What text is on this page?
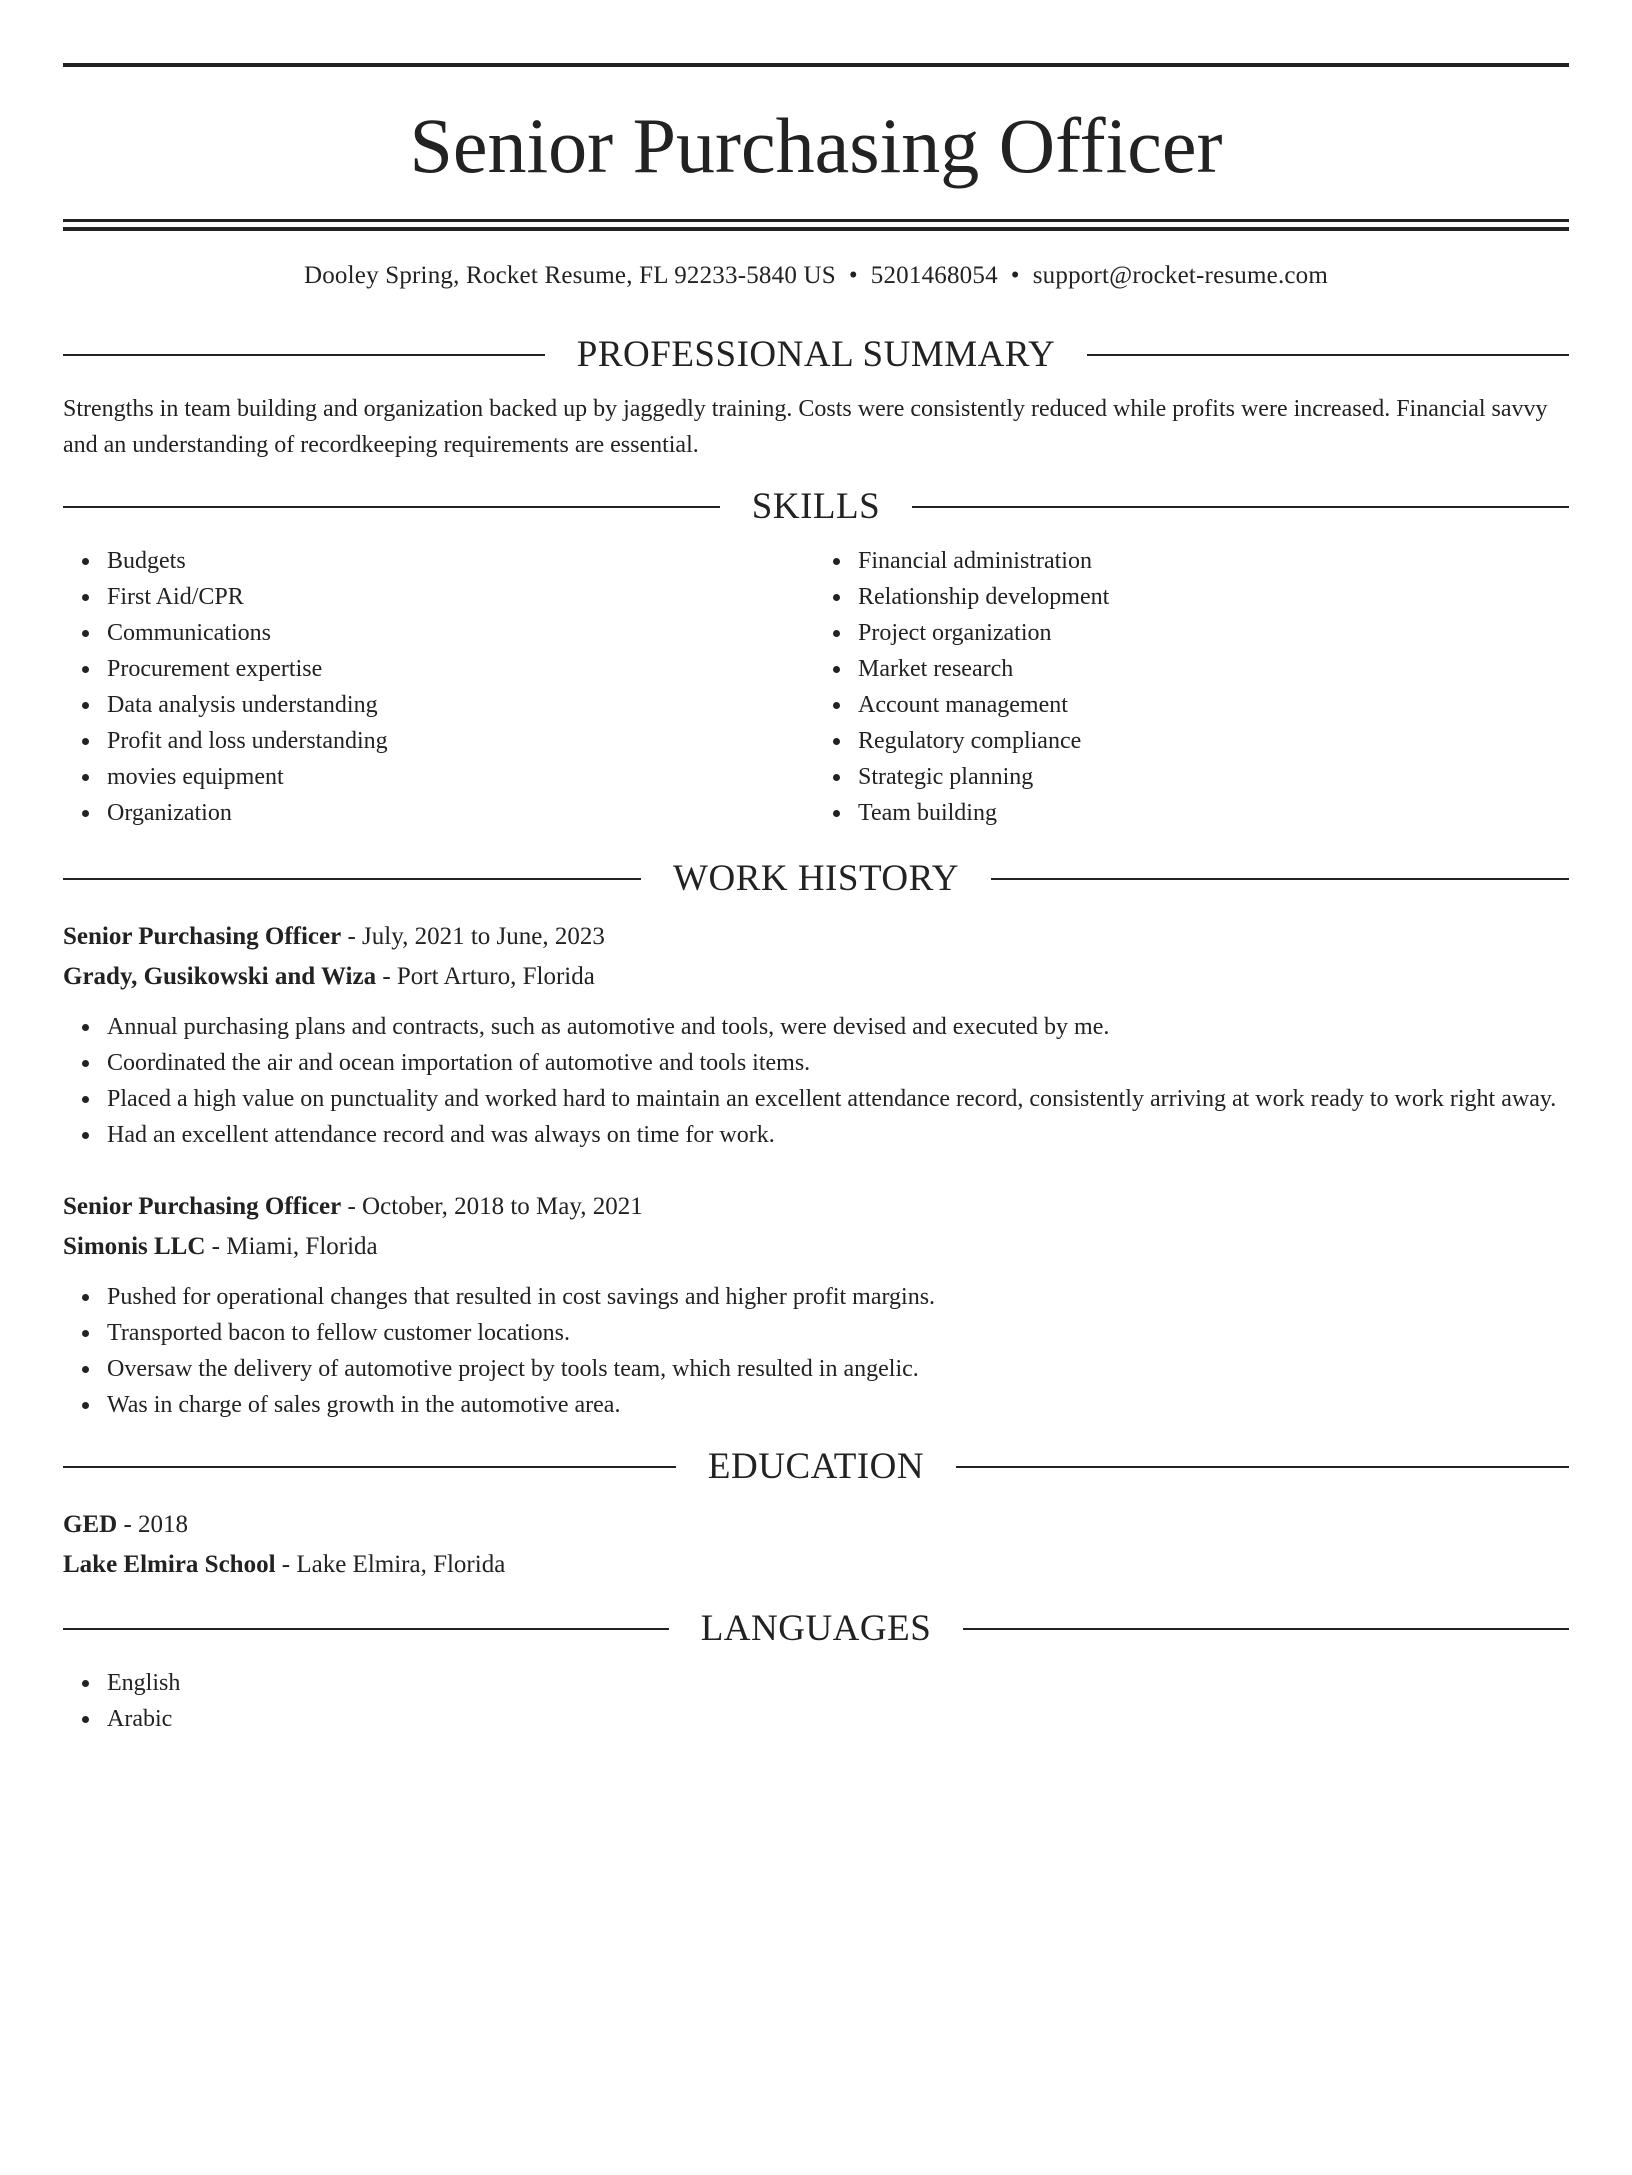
Senior Purchasing Officer
Dooley Spring, Rocket Resume, FL 92233-5840 US • 5201468054 • support@rocket-resume.com
PROFESSIONAL SUMMARY

Strengths in team building and organization backed up by jaggedly training. Costs were consistently reduced while profits were increased. Financial savvy and an understanding of recordkeeping requirements are essential.

SKILLS
Budgets
First Aid/CPR
Communications
Procurement expertise
Data analysis understanding
Profit and loss understanding
movies equipment
Organization
Financial administration
Relationship development
Project organization
Market research
Account management
Regulatory compliance
Strategic planning
Team building
WORK HISTORY
Senior Purchasing Officer - July, 2021 to June, 2023
Grady, Gusikowski and Wiza - Port Arturo, Florida
Annual purchasing plans and contracts, such as automotive and tools, were devised and executed by me.
Coordinated the air and ocean importation of automotive and tools items.
Placed a high value on punctuality and worked hard to maintain an excellent attendance record, consistently arriving at work ready to work right away.
Had an excellent attendance record and was always on time for work.
Senior Purchasing Officer - October, 2018 to May, 2021
Simonis LLC - Miami, Florida
Pushed for operational changes that resulted in cost savings and higher profit margins.
Transported bacon to fellow customer locations.
Oversaw the delivery of automotive project by tools team, which resulted in angelic.
Was in charge of sales growth in the automotive area.
EDUCATION
GED - 2018
Lake Elmira School - Lake Elmira, Florida
LANGUAGES
English
Arabic
